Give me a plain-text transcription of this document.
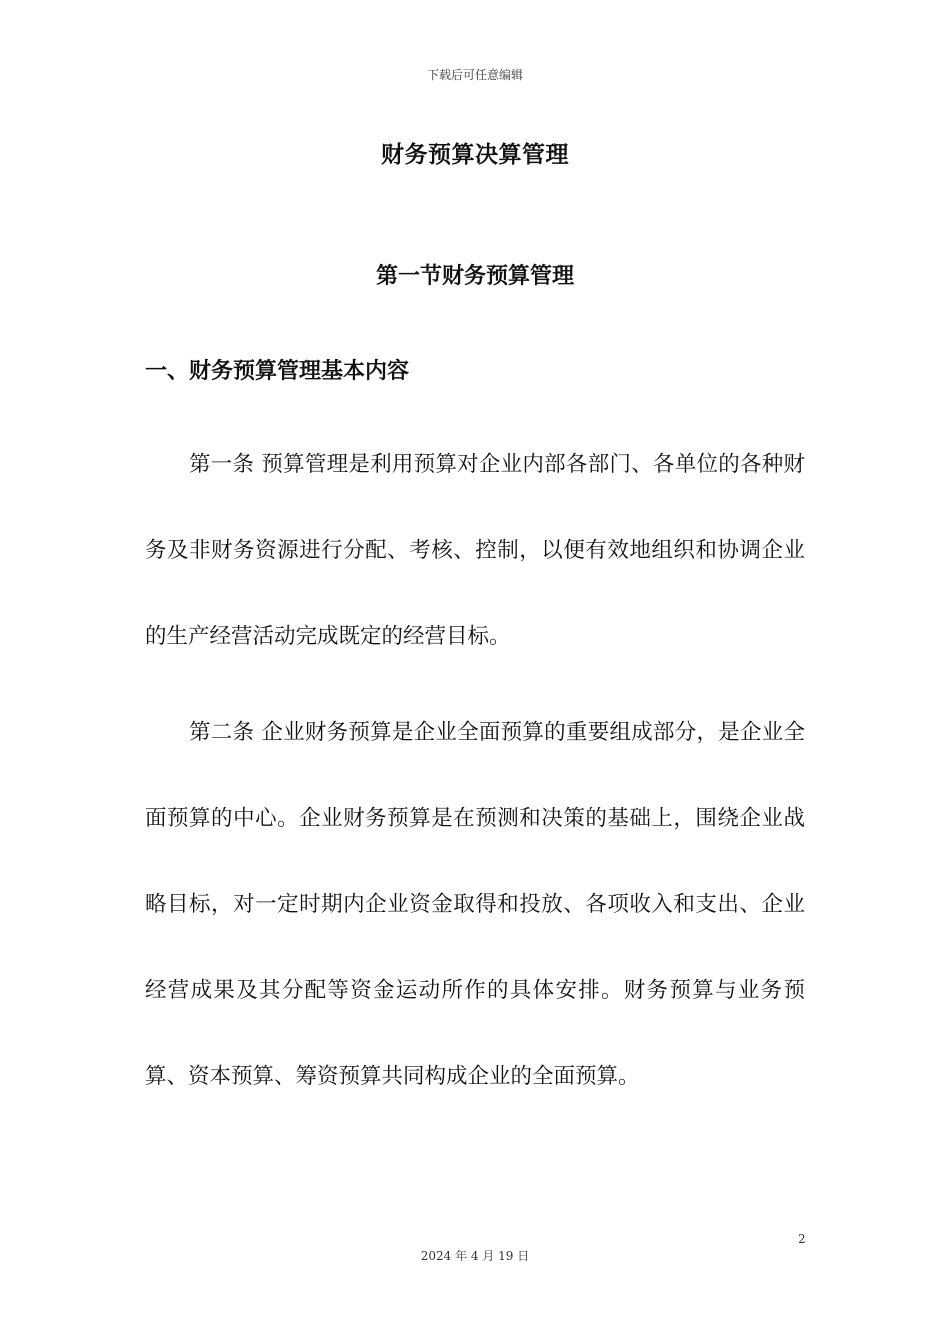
下载后可任意编辑
财务预算决算管理
第一节财务预算管理
一、财务预算管理基本内容

第一条 预算管理是利用预算对企业内部各部门、各单位的各种财务及非财务资源进行分配、考核、控制，以便有效地组织和协调企业的生产经营活动完成既定的经营目标。

第二条 企业财务预算是企业全面预算的重要组成部分，是企业全面预算的中心。企业财务预算是在预测和决策的基础上，围绕企业战略目标，对一定时期内企业资金取得和投放、各项收入和支出、企业经营成果及其分配等资金运动所作的具体安排。财务预算与业务预算、资本预算、筹资预算共同构成企业的全面预算。

2
2024 年 4 月 19 日
